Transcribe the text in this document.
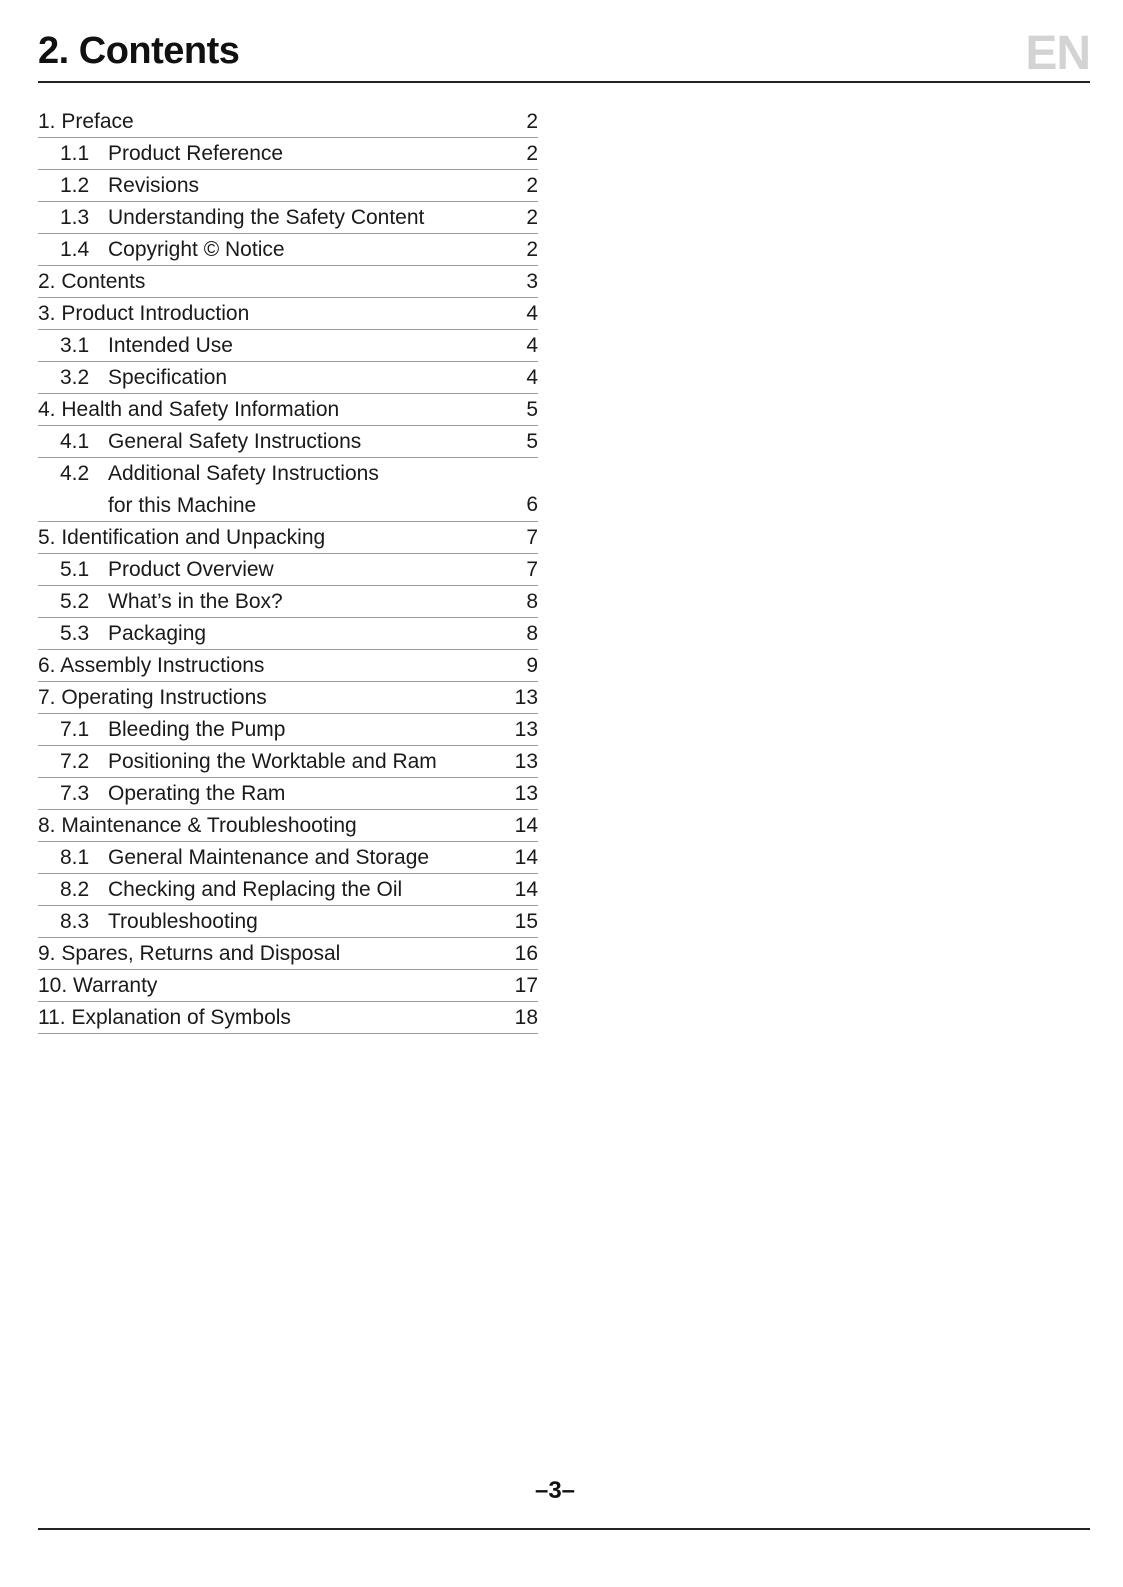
2. Contents	EN
1. Preface	2
1.1 Product Reference	2
1.2 Revisions	2
1.3 Understanding the Safety Content	2
1.4 Copyright © Notice	2
2. Contents	3
3. Product Introduction	4
3.1 Intended Use	4
3.2 Specification	4
4. Health and Safety Information	5
4.1 General Safety Instructions	5
4.2 Additional Safety Instructions
for this Machine	6
5. Identification and Unpacking	7
5.1 Product Overview	7
5.2 What’s in the Box?	8
5.3 Packaging	8
6. Assembly Instructions	9
7. Operating Instructions	13
7.1 Bleeding the Pump	13
7.2 Positioning the Worktable and Ram	13
7.3 Operating the Ram	13
8. Maintenance & Troubleshooting	14
8.1 General Maintenance and Storage	14
8.2 Checking and Replacing the Oil	14
8.3 Troubleshooting	15
9. Spares, Returns and Disposal	16
10. Warranty	17
11. Explanation of Symbols	18
–3–
